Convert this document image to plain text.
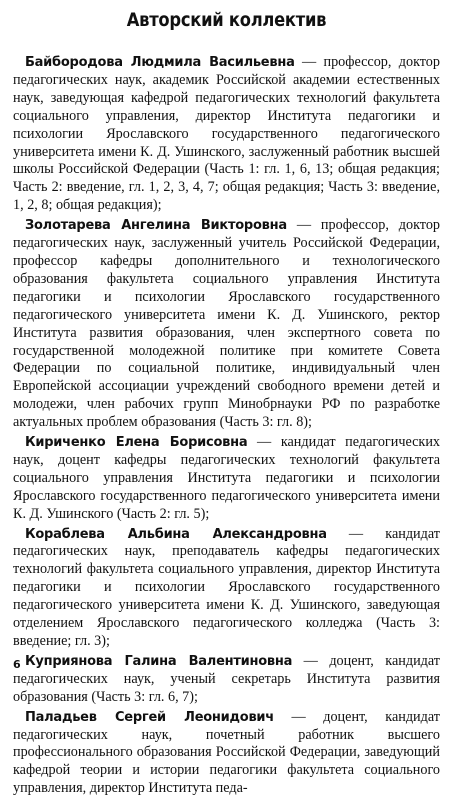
Авторский коллектив

Байбородова Людмила Васильевна — профессор, доктор педагогических наук, академик Российской академии естественных наук, заведующая кафедрой педагогических технологий факультета социального управления, директор Института педагогики и психологии Ярославского государственного педагогического университета имени К. Д. Ушинского, заслуженный работник высшей школы Российской Федерации (Часть 1: гл. 1, 6, 13; общая редакция; Часть 2: введение, гл. 1, 2, 3, 4, 7; общая редакция; Часть 3: введение, 1, 2, 8; общая редакция);

Золотарева Ангелина Викторовна — профессор, доктор педагогических наук, заслуженный учитель Российской Федерации, профессор кафедры дополнительного и технологического образования факультета социального управления Института педагогики и психологии Ярославского государственного педагогического университета имени К. Д. Ушинского, ректор Института развития образования, член экспертного совета по государственной молодежной политике при комитете Совета Федерации по социальной политике, индивидуальный член Европейской ассоциации учреждений свободного времени детей и молодежи, член рабочих групп Минобрнауки РФ по разработке актуальных проблем образования (Часть 3: гл. 8);

Кириченко Елена Борисовна — кандидат педагогических наук, доцент кафедры педагогических технологий факультета социального управления Института педагогики и психологии Ярославского государственного педагогического университета имени К. Д. Ушинского (Часть 2: гл. 5);

Кораблева Альбина Александровна — кандидат педагогических наук, преподаватель кафедры педагогических технологий факультета социального управления, директор Института педагогики и психологии Ярославского государственного педагогического университета имени К. Д. Ушинского, заведующая отделением Ярославского педагогического колледжа (Часть 3: введение; гл. 3);

Куприянова Галина Валентиновна — доцент, кандидат педагогических наук, ученый секретарь Института развития образования (Часть 3: гл. 6, 7);

Паладьев Сергей Леонидович — доцент, кандидат педагогических наук, почетный работник высшего профессионального образования Российской Федерации, заведующий кафедрой теории и истории педагогики факультета социального управления, директор Института педа-

6
